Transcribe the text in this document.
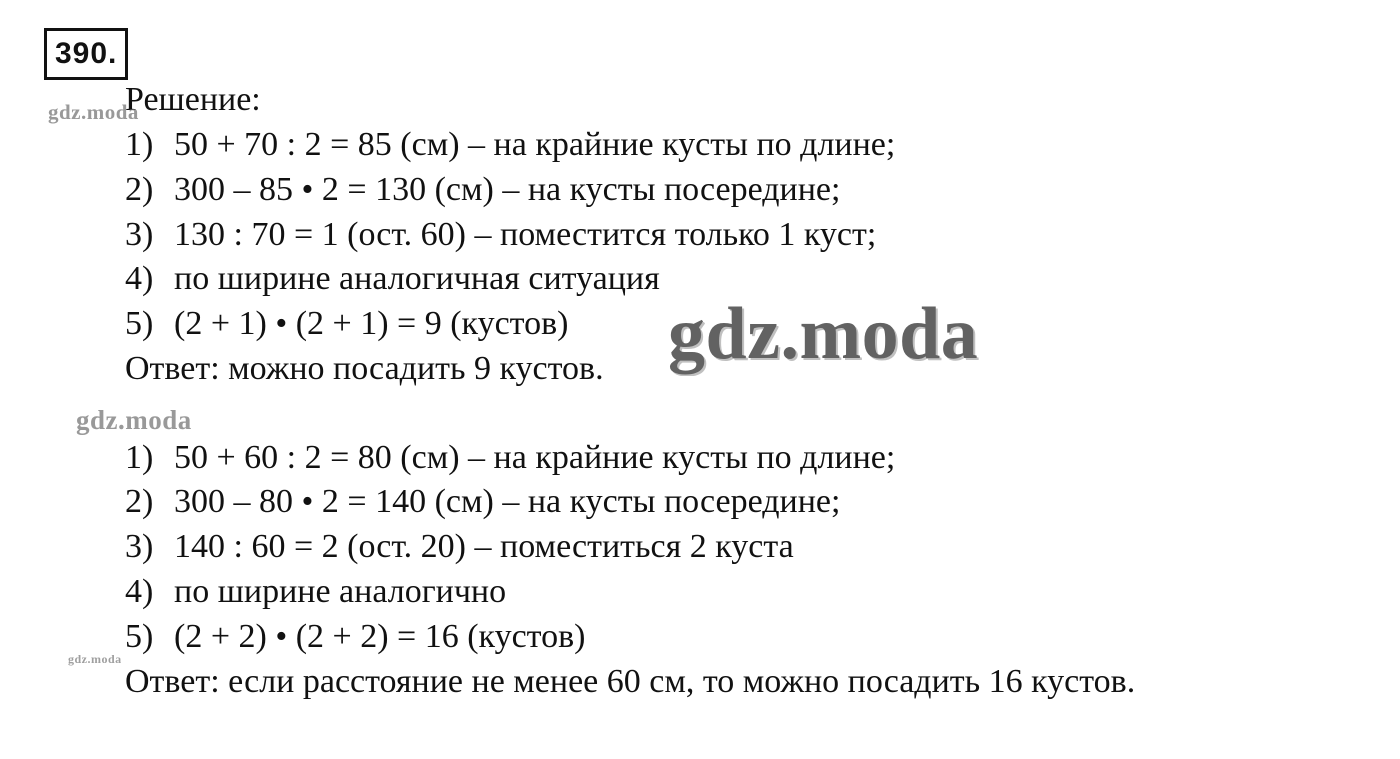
390.
Решение:
1) 50 + 70 : 2 = 85 (см) – на крайние кусты по длине;
2) 300 – 85 • 2 = 130 (см) – на кусты посередине;
3) 130 : 70 = 1 (ост. 60) – поместится только 1 куст;
4) по ширине аналогичная ситуация
5) (2 + 1) • (2 + 1) = 9 (кустов)
Ответ: можно посадить 9 кустов.
1) 50 + 60 : 2 = 80 (см) – на крайние кусты по длине;
2) 300 – 80 • 2 = 140 (см) – на кусты посередине;
3) 140 : 60 = 2 (ост. 20) – поместиться 2 куста
4) по ширине аналогично
5) (2 + 2) • (2 + 2) = 16 (кустов)
Ответ: если расстояние не менее 60 см, то можно посадить 16 кустов.
gdz.moda
gdz.moda
gdz.moda
gdz.moda
